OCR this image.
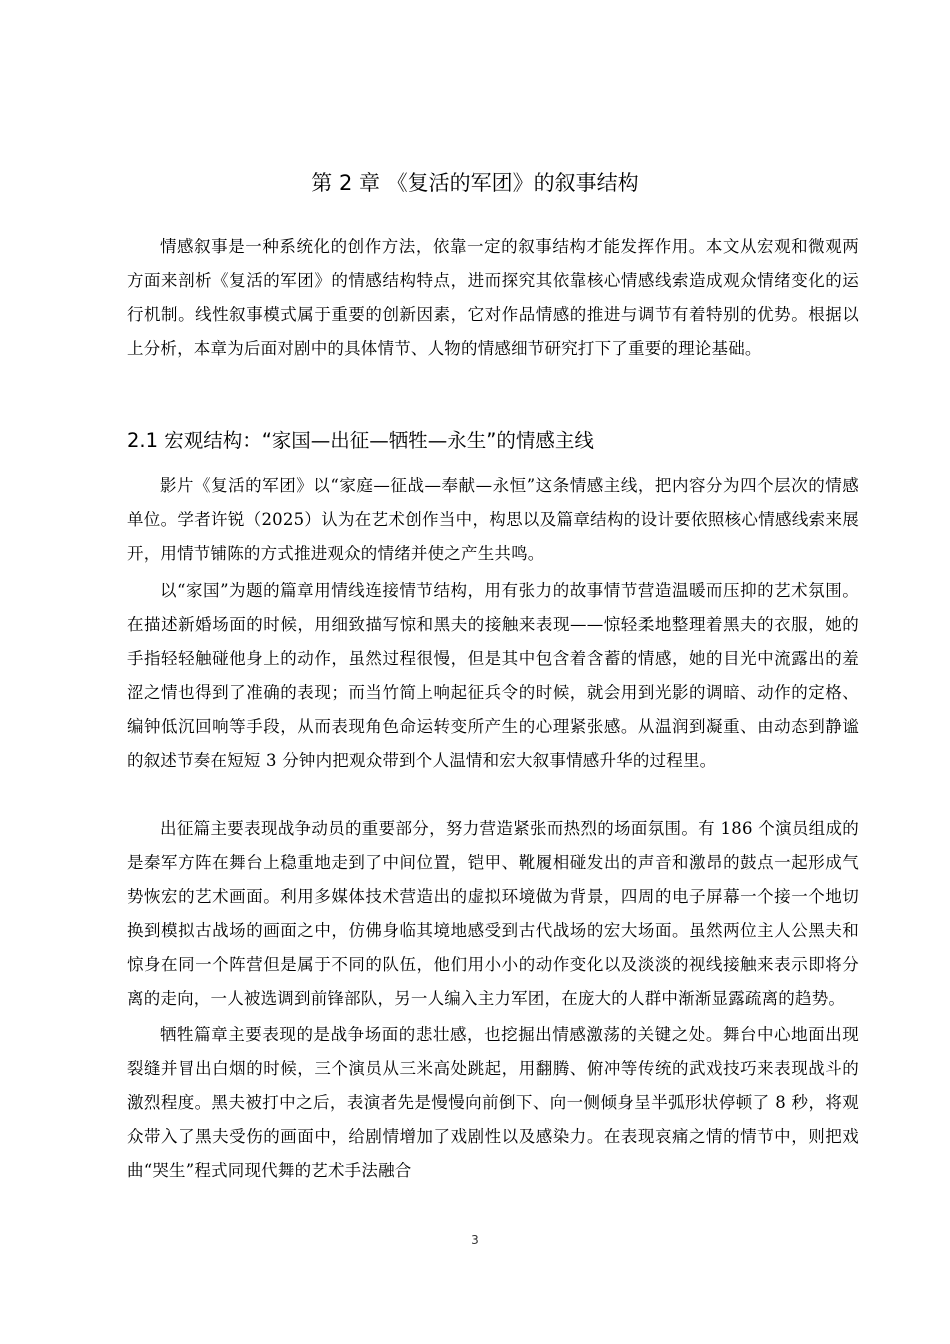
第 2 章 《复活的军团》的叙事结构

情感叙事是一种系统化的创作方法，依靠一定的叙事结构才能发挥作用。本文从宏观和微观两方面来剖析《复活的军团》的情感结构特点，进而探究其依靠核心情感线索造成观众情绪变化的运行机制。线性叙事模式属于重要的创新因素，它对作品情感的推进与调节有着特别的优势。根据以上分析，本章为后面对剧中的具体情节、人物的情感细节研究打下了重要的理论基础。

2.1 宏观结构：“家国—出征—牺牲—永生”的情感主线

影片《复活的军团》以“家庭—征战—奉献—永恒”这条情感主线，把内容分为四个层次的情感单位。学者许锐（2025）认为在艺术创作当中，构思以及篇章结构的设计要依照核心情感线索来展开，用情节铺陈的方式推进观众的情绪并使之产生共鸣。

以“家国”为题的篇章用情线连接情节结构，用有张力的故事情节营造温暖而压抑的艺术氛围。在描述新婚场面的时候，用细致描写惊和黑夫的接触来表现——惊轻柔地整理着黑夫的衣服，她的手指轻轻触碰他身上的动作，虽然过程很慢，但是其中包含着含蓄的情感，她的目光中流露出的羞涩之情也得到了准确的表现；而当竹简上响起征兵令的时候，就会用到光影的调暗、动作的定格、编钟低沉回响等手段，从而表现角色命运转变所产生的心理紧张感。从温润到凝重、由动态到静谧的叙述节奏在短短 3 分钟内把观众带到个人温情和宏大叙事情感升华的过程里。

出征篇主要表现战争动员的重要部分，努力营造紧张而热烈的场面氛围。有 186 个演员组成的是秦军方阵在舞台上稳重地走到了中间位置，铠甲、靴履相碰发出的声音和激昂的鼓点一起形成气势恢宏的艺术画面。利用多媒体技术营造出的虚拟环境做为背景，四周的电子屏幕一个接一个地切换到模拟古战场的画面之中，仿佛身临其境地感受到古代战场的宏大场面。虽然两位主人公黑夫和惊身在同一个阵营但是属于不同的队伍，他们用小小的动作变化以及淡淡的视线接触来表示即将分离的走向，一人被选调到前锋部队，另一人编入主力军团，在庞大的人群中渐渐显露疏离的趋势。

牺牲篇章主要表现的是战争场面的悲壮感，也挖掘出情感激荡的关键之处。舞台中心地面出现裂缝并冒出白烟的时候，三个演员从三米高处跳起，用翻腾、俯冲等传统的武戏技巧来表现战斗的激烈程度。黑夫被打中之后，表演者先是慢慢向前倒下、向一侧倾身呈半弧形状停顿了 8 秒，将观众带入了黑夫受伤的画面中，给剧情增加了戏剧性以及感染力。在表现哀痛之情的情节中，则把戏曲“哭生”程式同现代舞的艺术手法融合

3
